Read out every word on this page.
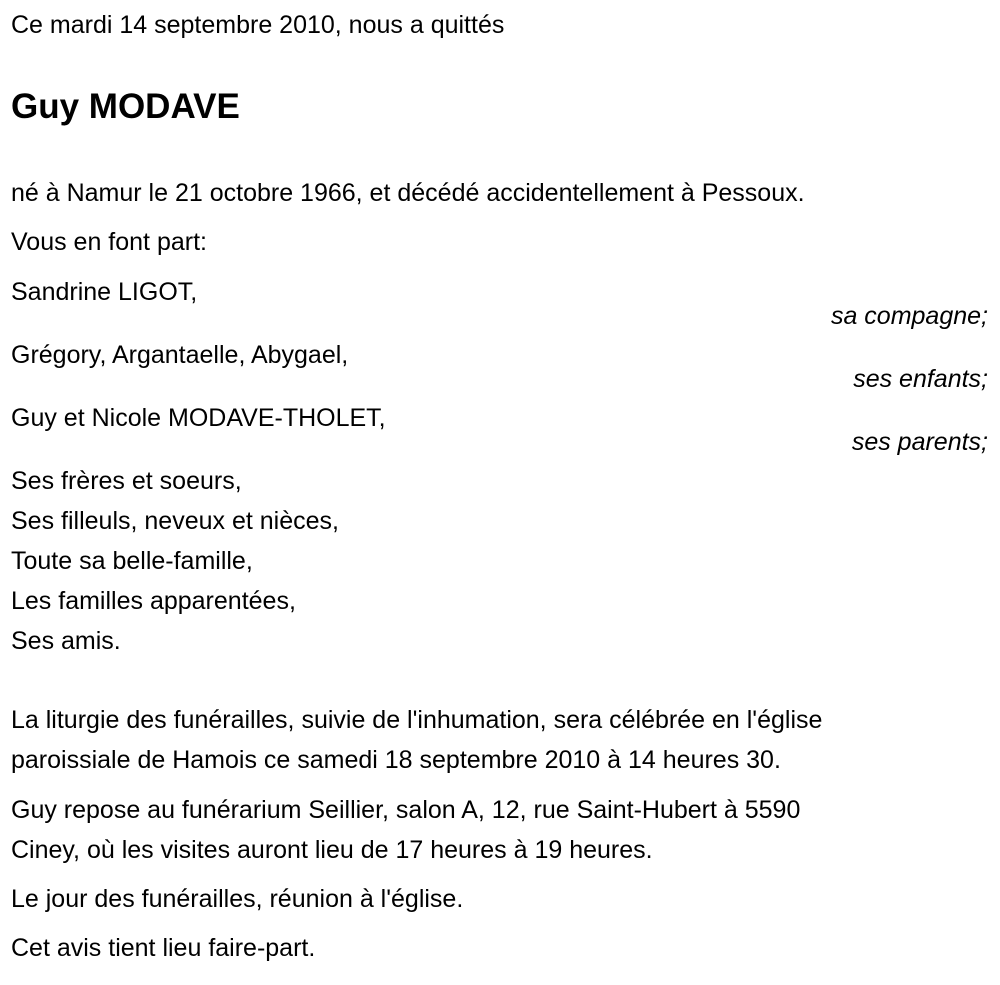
Ce mardi 14 septembre 2010, nous a quittés
Guy MODAVE
né à Namur le 21 octobre 1966, et décédé accidentellement à Pessoux.
Vous en font part:
Sandrine LIGOT,
sa compagne;
Grégory, Argantaelle, Abygael,
ses enfants;
Guy et Nicole MODAVE-THOLET,
ses parents;
Ses frères et soeurs,
Ses filleuls, neveux et nièces,
Toute sa belle-famille,
Les familles apparentées,
Ses amis.
La liturgie des funérailles, suivie de l'inhumation, sera célébrée en l'église
paroissiale de Hamois ce samedi 18 septembre 2010 à 14 heures 30.
Guy repose au funérarium Seillier, salon A, 12, rue Saint-Hubert à 5590
Ciney, où les visites auront lieu de 17 heures à 19 heures.
Le jour des funérailles, réunion à l'église.
Cet avis tient lieu faire-part.
